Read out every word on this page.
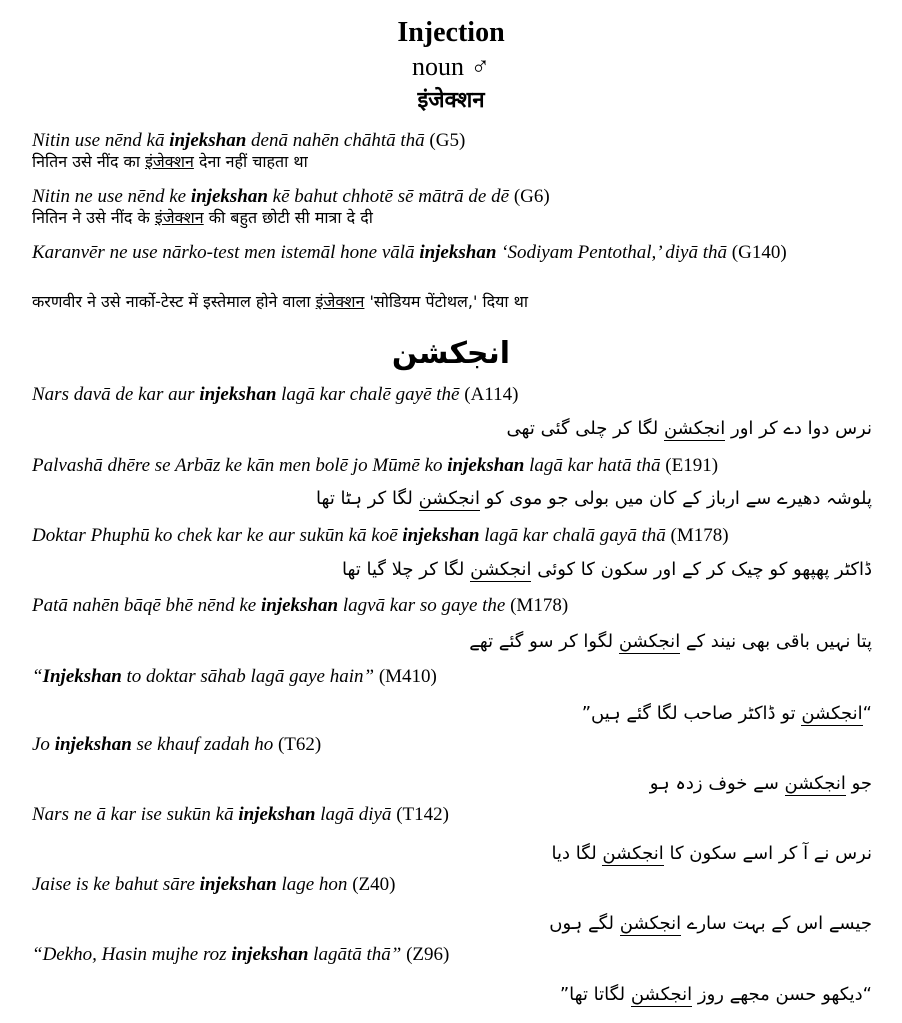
Injection
noun ♂
इंजेक्शन
Nitin use nēnd kā injekshan denā nahēn chāhtā thā (G5)
नितिन उसे नींद का इंजेक्शन देना नहीं चाहता था
Nitin ne use nēnd ke injekshan kē bahut chhotē sē mātrā de dē (G6)
नितिन ने उसे नींद के इंजेक्शन की बहुत छोटी सी मात्रा दे दी
Karanvēr ne use nārko-test men istemāl hone vālā injekshan ‘Sodiyam Pentothal,’ diyā thā (G140)
करणवीर ने उसे नार्को-टेस्ट में इस्तेमाल होने वाला इंजेक्शन 'सोडियम पेंटोथल,' दिया था
انجکشن
Nars davā de kar aur injekshan lagā kar chalē gayē thē (A114)
نرس دوا دے کر اور انجکشن لگا کر چلی گئی تھی
Palvashā dhēre se Arbāz ke kān men bolē jo Mūmē ko injekshan lagā kar hatā thā (E191)
پلوشہ دھیرے سے ارباز کے کان میں بولی جو موی کو انجکشن لگا کر ہٹا تھا
Doktar Phuphū ko chek kar ke aur sukūn kā koē injekshan lagā kar chalā gayā thā (M178)
ڈاکٹر پھپھو کو چیک کر کے اور سکون کا کوئی انجکشن لگا کر چلا گیا تھا
Patā nahēn bāqē bhē nēnd ke injekshan lagvā kar so gaye the (M178)
پتا نہیں باقی بھی نیند کے انجکشن لگوا کر سو گئے تھے
“Injekshan to doktar sāhab lagā gaye hain” (M410)
“انجکشن تو ڈاکٹر صاحب لگا گئے ہیں”
Jo injekshan se khauf zadah ho (T62)
جو انجکشن سے خوف زدہ ہو
Nars ne ā kar ise sukūn kā injekshan lagā diyā (T142)
نرس نے آ کر اسے سکون کا انجکشن لگا دیا
Jaise is ke bahut sāre injekshan lage hon (Z40)
جیسے اس کے بہت سارے انجکشن لگے ہوں
“Dekho, Hasin mujhe roz injekshan lagātā thā” (Z96)
“دیکھو حسن مجھے روز انجکشن لگاتا تھا”
